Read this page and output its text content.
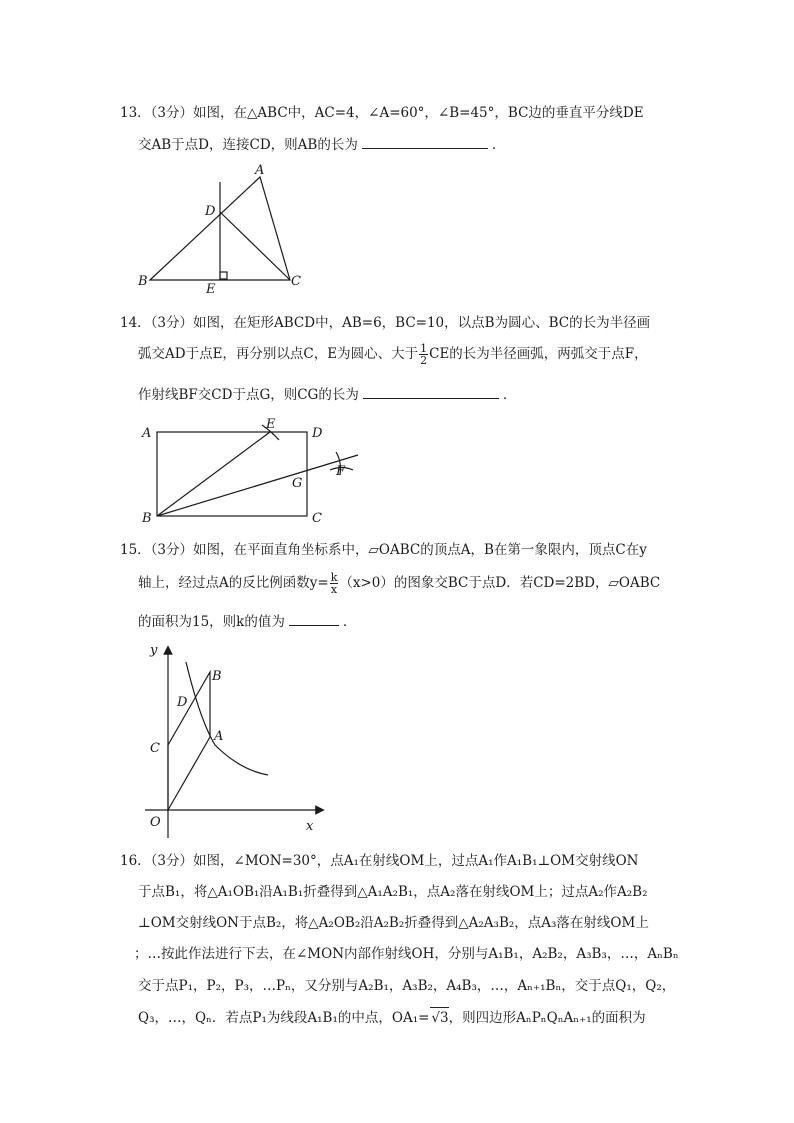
13．（3分）如图，在△ABC中，AC=4，∠A=60°，∠B=45°，BC边的垂直平分线DE
交AB于点D，连接CD，则AB的长为	．
A
B	C
D
E
14．（3分）如图，在矩形ABCD中，AB=6，BC=10，以点B为圆心、BC的长为半径画
弧交AD于点E，再分别以点C，E为圆心、大于 $\frac{1}{2}$ CE的长为半径画弧，两弧交于点F，
作射线BF交CD于点G，则CG的长为	．
A
B	C
D
E
F
G
15．（3分）如图，在平面直角坐标系中，▱OABC的顶点A，B在第一象限内，顶点C在y
轴上，经过点A的反比例函数$y= \frac{k}{x} (x>0)$的图象交BC于点D．若CD=2BD，▱OABC
的面积为15，则k的值为	．
y
x
O
A
B
C
D
16．（3分）如图，∠MON=30°，点A₁在射线OM上，过点A₁作A₁B₁⊥OM交射线ON
于点B₁，将△A₁OB₁沿A₁B₁折叠得到△A₁A₂B₁，点A₂落在射线OM上；过点A₂作A₂B₂
⊥OM交射线ON于点B₂，将△A₂OB₂沿A₂B₂折叠得到△A₂A₃B₂，点A₃落在射线OM上
；…按此作法进行下去，在∠MON内部作射线OH，分别与A₁B₁，A₂B₂，A₃B₃，…，AₙBₙ
交于点P₁，P₂，P₃，…Pₙ，又分别与A₂B₁，A₃B₂，A₄B₃，…，Aₙ₊₁Bₙ，交于点Q₁，Q₂，
Q₃，…，Qₙ．若点P₁为线段A₁B₁的中点，OA₁= √3，则四边形AₙPₙQₙAₙ₊₁的面积为
